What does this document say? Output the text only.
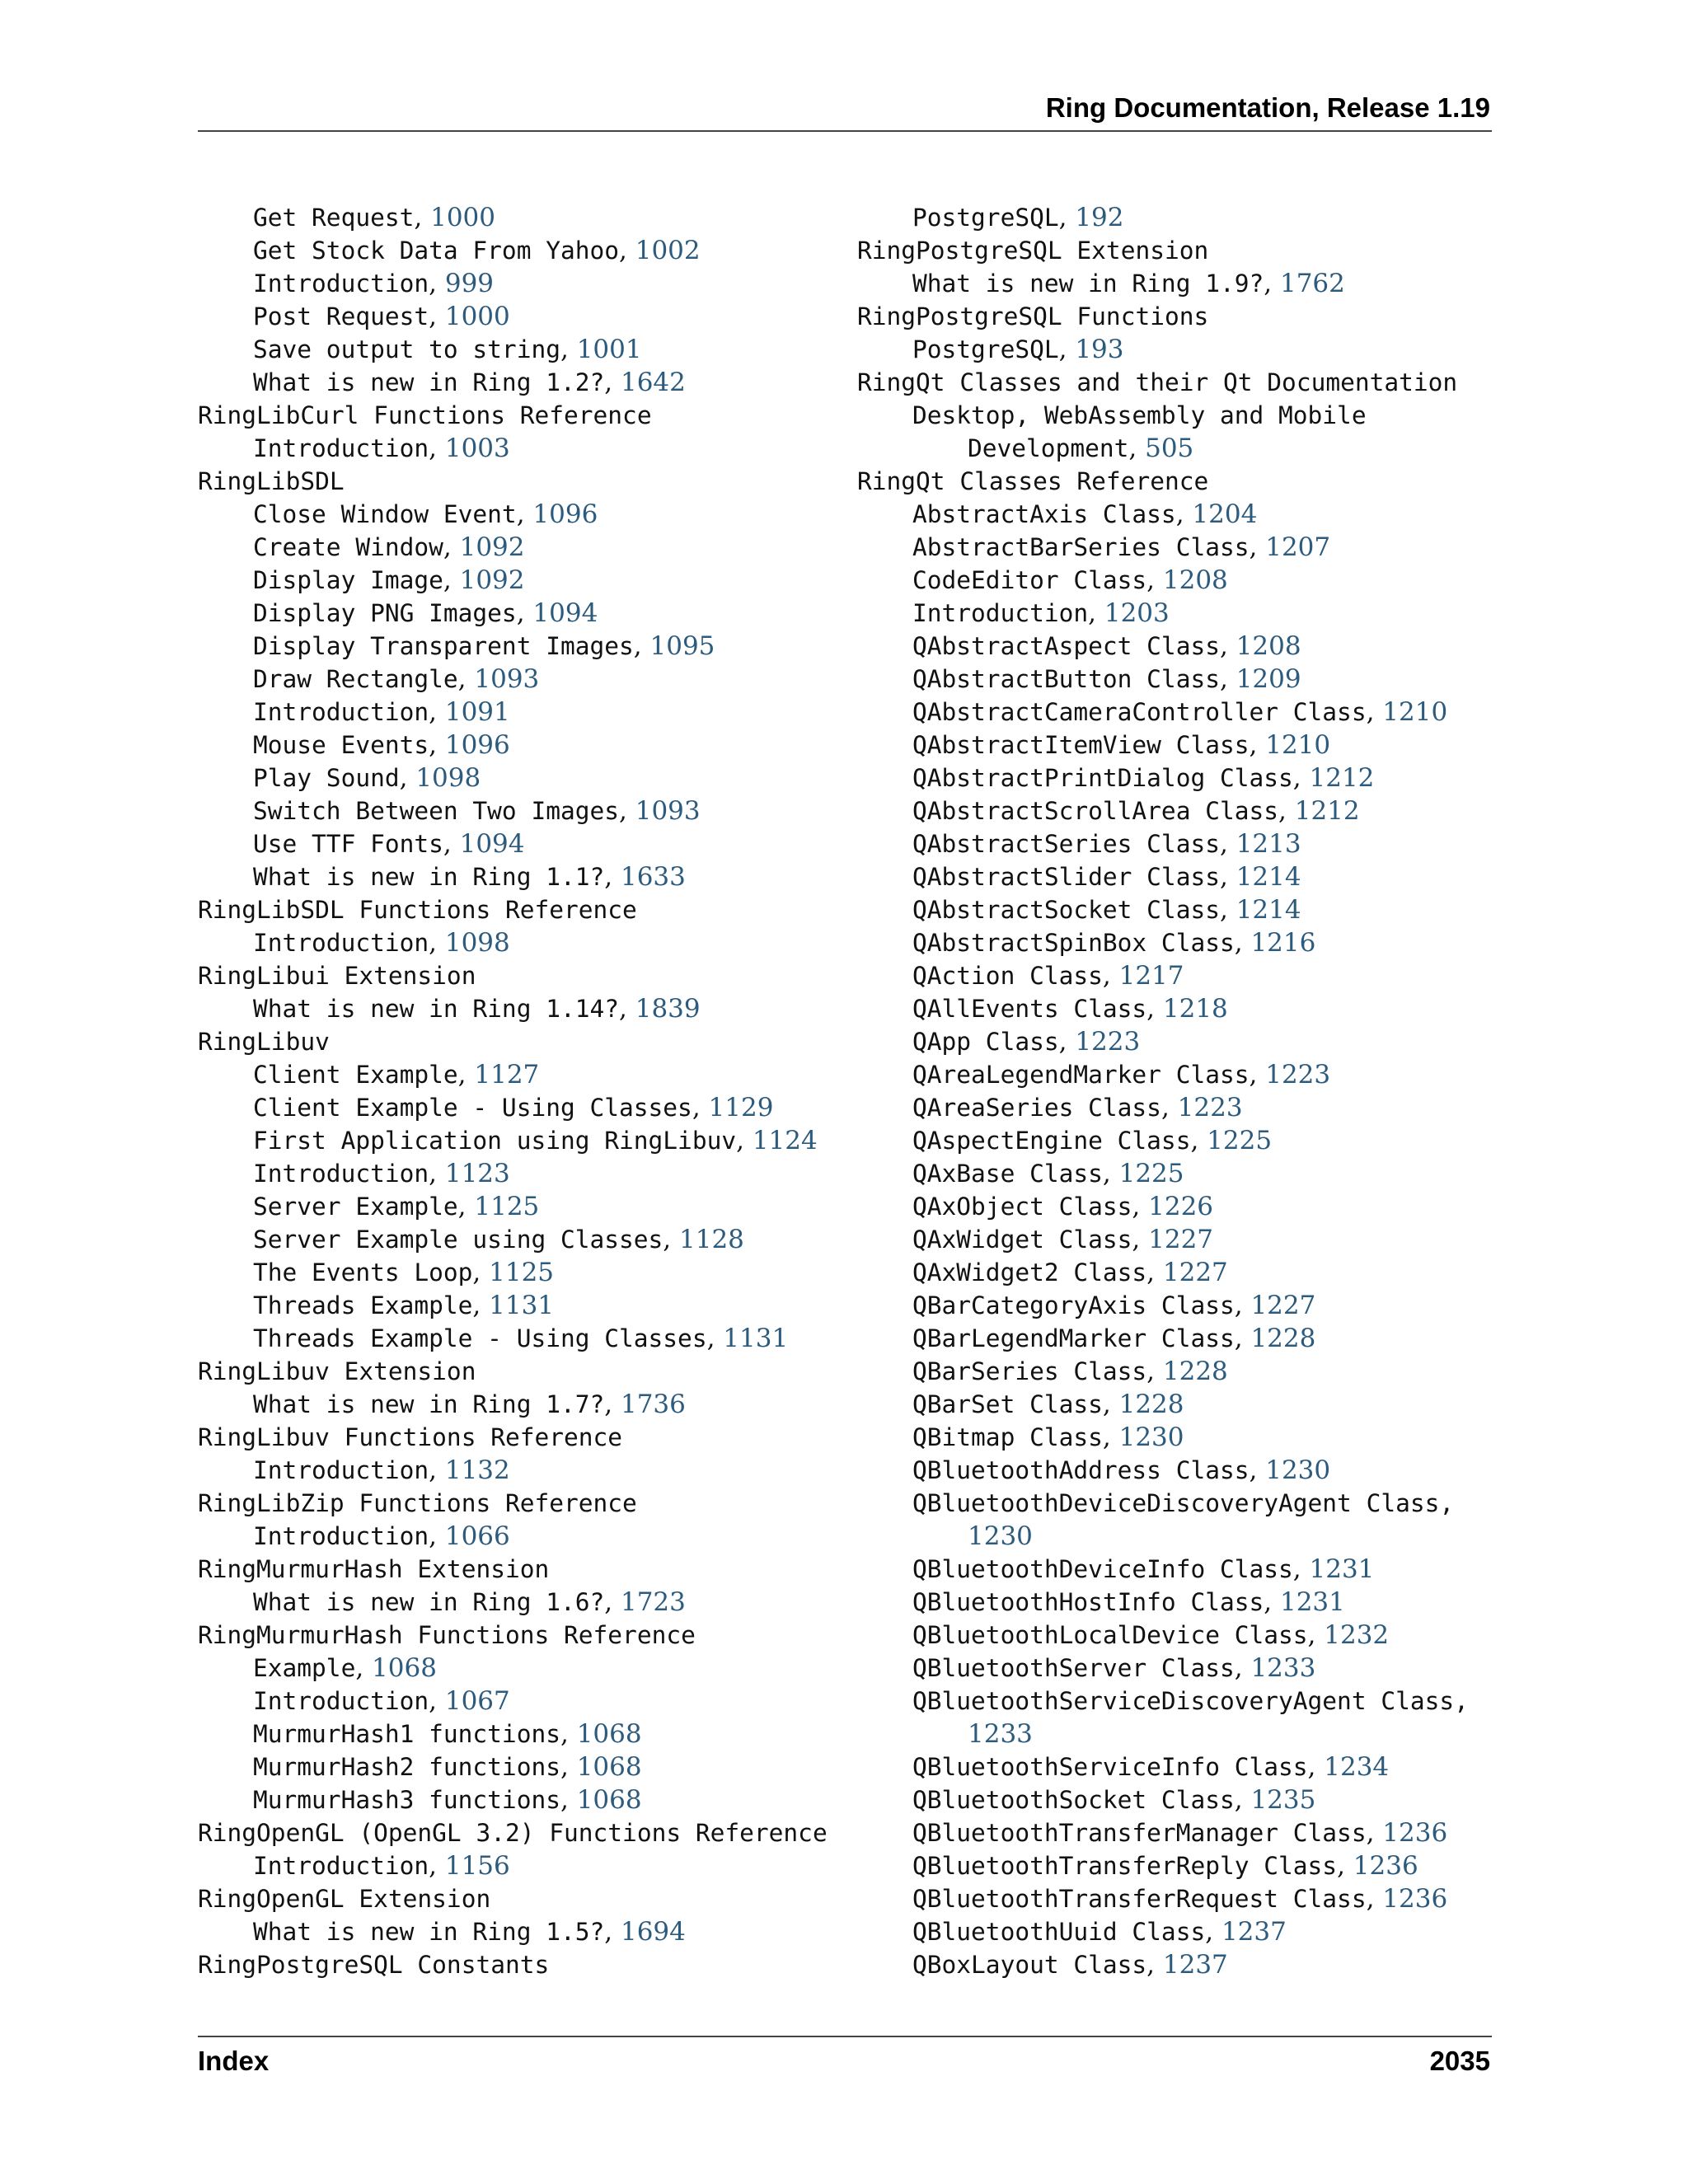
Ring Documentation, Release 1.19
Get Request, 1000
Get Stock Data From Yahoo, 1002
Introduction, 999
Post Request, 1000
Save output to string, 1001
What is new in Ring 1.2?, 1642
RingLibCurl Functions Reference
Introduction, 1003
RingLibSDL
Close Window Event, 1096
Create Window, 1092
Display Image, 1092
Display PNG Images, 1094
Display Transparent Images, 1095
Draw Rectangle, 1093
Introduction, 1091
Mouse Events, 1096
Play Sound, 1098
Switch Between Two Images, 1093
Use TTF Fonts, 1094
What is new in Ring 1.1?, 1633
RingLibSDL Functions Reference
Introduction, 1098
RingLibui Extension
What is new in Ring 1.14?, 1839
RingLibuv
Client Example, 1127
Client Example - Using Classes, 1129
First Application using RingLibuv, 1124
Introduction, 1123
Server Example, 1125
Server Example using Classes, 1128
The Events Loop, 1125
Threads Example, 1131
Threads Example - Using Classes, 1131
RingLibuv Extension
What is new in Ring 1.7?, 1736
RingLibuv Functions Reference
Introduction, 1132
RingLibZip Functions Reference
Introduction, 1066
RingMurmurHash Extension
What is new in Ring 1.6?, 1723
RingMurmurHash Functions Reference
Example, 1068
Introduction, 1067
MurmurHash1 functions, 1068
MurmurHash2 functions, 1068
MurmurHash3 functions, 1068
RingOpenGL (OpenGL 3.2) Functions Reference
Introduction, 1156
RingOpenGL Extension
What is new in Ring 1.5?, 1694
RingPostgreSQL Constants
PostgreSQL, 192
RingPostgreSQL Extension
What is new in Ring 1.9?, 1762
RingPostgreSQL Functions
PostgreSQL, 193
RingQt Classes and their Qt Documentation
Desktop, WebAssembly and Mobile
Development, 505
RingQt Classes Reference
AbstractAxis Class, 1204
AbstractBarSeries Class, 1207
CodeEditor Class, 1208
Introduction, 1203
QAbstractAspect Class, 1208
QAbstractButton Class, 1209
QAbstractCameraController Class, 1210
QAbstractItemView Class, 1210
QAbstractPrintDialog Class, 1212
QAbstractScrollArea Class, 1212
QAbstractSeries Class, 1213
QAbstractSlider Class, 1214
QAbstractSocket Class, 1214
QAbstractSpinBox Class, 1216
QAction Class, 1217
QAllEvents Class, 1218
QApp Class, 1223
QAreaLegendMarker Class, 1223
QAreaSeries Class, 1223
QAspectEngine Class, 1225
QAxBase Class, 1225
QAxObject Class, 1226
QAxWidget Class, 1227
QAxWidget2 Class, 1227
QBarCategoryAxis Class, 1227
QBarLegendMarker Class, 1228
QBarSeries Class, 1228
QBarSet Class, 1228
QBitmap Class, 1230
QBluetoothAddress Class, 1230
QBluetoothDeviceDiscoveryAgent Class,
1230
QBluetoothDeviceInfo Class, 1231
QBluetoothHostInfo Class, 1231
QBluetoothLocalDevice Class, 1232
QBluetoothServer Class, 1233
QBluetoothServiceDiscoveryAgent Class,
1233
QBluetoothServiceInfo Class, 1234
QBluetoothSocket Class, 1235
QBluetoothTransferManager Class, 1236
QBluetoothTransferReply Class, 1236
QBluetoothTransferRequest Class, 1236
QBluetoothUuid Class, 1237
QBoxLayout Class, 1237
Index	2035
